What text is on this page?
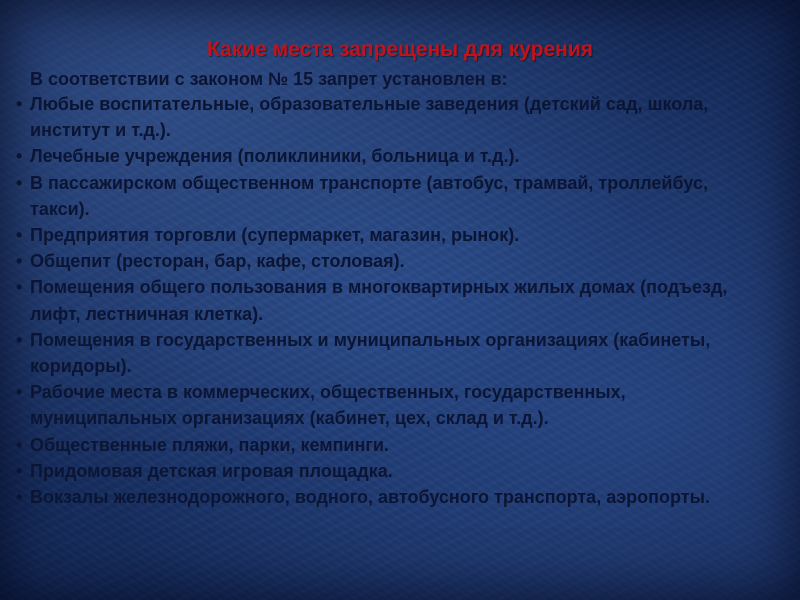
Какие места запрещены для курения
В соответствии с законом № 15 запрет установлен в:
• Любые воспитательные, образовательные заведения (детский сад, школа, институт и т.д.).
• Лечебные учреждения (поликлиники, больница и т.д.).
• В пассажирском общественном транспорте (автобус, трамвай, троллейбус, такси).
• Предприятия торговли (супермаркет, магазин, рынок).
• Общепит (ресторан, бар, кафе, столовая).
• Помещения общего пользования в многоквартирных жилых домах (подъезд, лифт, лестничная клетка).
• Помещения в государственных и муниципальных организациях (кабинеты, коридоры).
• Рабочие места в коммерческих, общественных, государственных, муниципальных организациях (кабинет, цех, склад и т.д.).
• Общественные пляжи, парки, кемпинги.
• Придомовая детская игровая площадка.
• Вокзалы железнодорожного, водного, автобусного транспорта, аэропорты.
